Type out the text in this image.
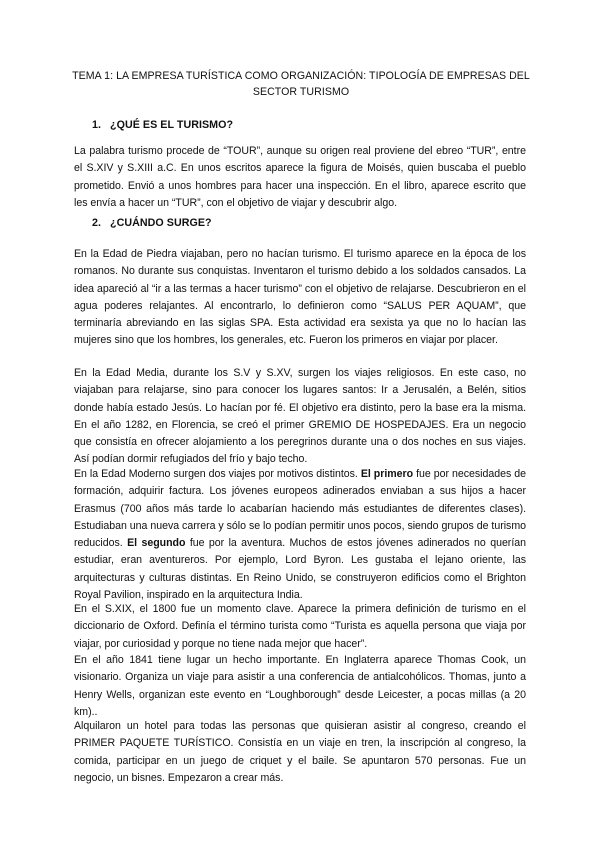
TEMA 1: LA EMPRESA TURÍSTICA COMO ORGANIZACIÓN: TIPOLOGÍA DE EMPRESAS DEL SECTOR TURISMO
1. ¿QUÉ ES EL TURISMO?

La palabra turismo procede de “TOUR”, aunque su origen real proviene del ebreo “TUR”, entre el S.XIV y S.XIII a.C. En unos escritos aparece la figura de Moisés, quien buscaba el pueblo prometido. Envió a unos hombres para hacer una inspección. En el libro, aparece escrito que les envía a hacer un “TUR”, con el objetivo de viajar y descubrir algo.

2. ¿CUÁNDO SURGE?

En la Edad de Piedra viajaban, pero no hacían turismo. El turismo aparece en la época de los romanos. No durante sus conquistas. Inventaron el turismo debido a los soldados cansados. La idea apareció al “ir a las termas a hacer turismo” con el objetivo de relajarse. Descubrieron en el agua poderes relajantes. Al encontrarlo, lo definieron como “SALUS PER AQUAM”, que terminaría abreviando en las siglas SPA. Esta actividad era sexista ya que no lo hacían las mujeres sino que los hombres, los generales, etc. Fueron los primeros en viajar por placer.

En la Edad Media, durante los S.V y S.XV, surgen los viajes religiosos. En este caso, no viajaban para relajarse, sino para conocer los lugares santos: Ir a Jerusalén, a Belén, sitios donde había estado Jesús. Lo hacían por fé. El objetivo era distinto, pero la base era la misma. En el año 1282, en Florencia, se creó el primer GREMIO DE HOSPEDAJES. Era un negocio que consistía en ofrecer alojamiento a los peregrinos durante una o dos noches en sus viajes. Así podían dormir refugiados del frío y bajo techo.

En la Edad Moderno surgen dos viajes por motivos distintos. El primero fue por necesidades de formación, adquirir factura. Los jóvenes europeos adinerados enviaban a sus hijos a hacer Erasmus (700 años más tarde lo acabarían haciendo más estudiantes de diferentes clases). Estudiaban una nueva carrera y sólo se lo podían permitir unos pocos, siendo grupos de turismo reducidos. El segundo fue por la aventura. Muchos de estos jóvenes adinerados no querían estudiar, eran aventureros. Por ejemplo, Lord Byron. Les gustaba el lejano oriente, las arquitecturas y culturas distintas. En Reino Unido, se construyeron edificios como el Brighton Royal Pavilion, inspirado en la arquitectura India.

En el S.XIX, el 1800 fue un momento clave. Aparece la primera definición de turismo en el diccionario de Oxford. Definía el término turista como “Turista es aquella persona que viaja por viajar, por curiosidad y porque no tiene nada mejor que hacer”.

En el año 1841 tiene lugar un hecho importante. En Inglaterra aparece Thomas Cook, un visionario. Organiza un viaje para asistir a una conferencia de antialcohólicos. Thomas, junto a Henry Wells, organizan este evento en “Loughborough” desde Leicester, a pocas millas (a 20 km)..

Alquilaron un hotel para todas las personas que quisieran asistir al congreso, creando el PRIMER PAQUETE TURÍSTICO. Consistía en un viaje en tren, la inscripción al congreso, la comida, participar en un juego de criquet y el baile. Se apuntaron 570 personas. Fue un negocio, un bisnes. Empezaron a crear más.
